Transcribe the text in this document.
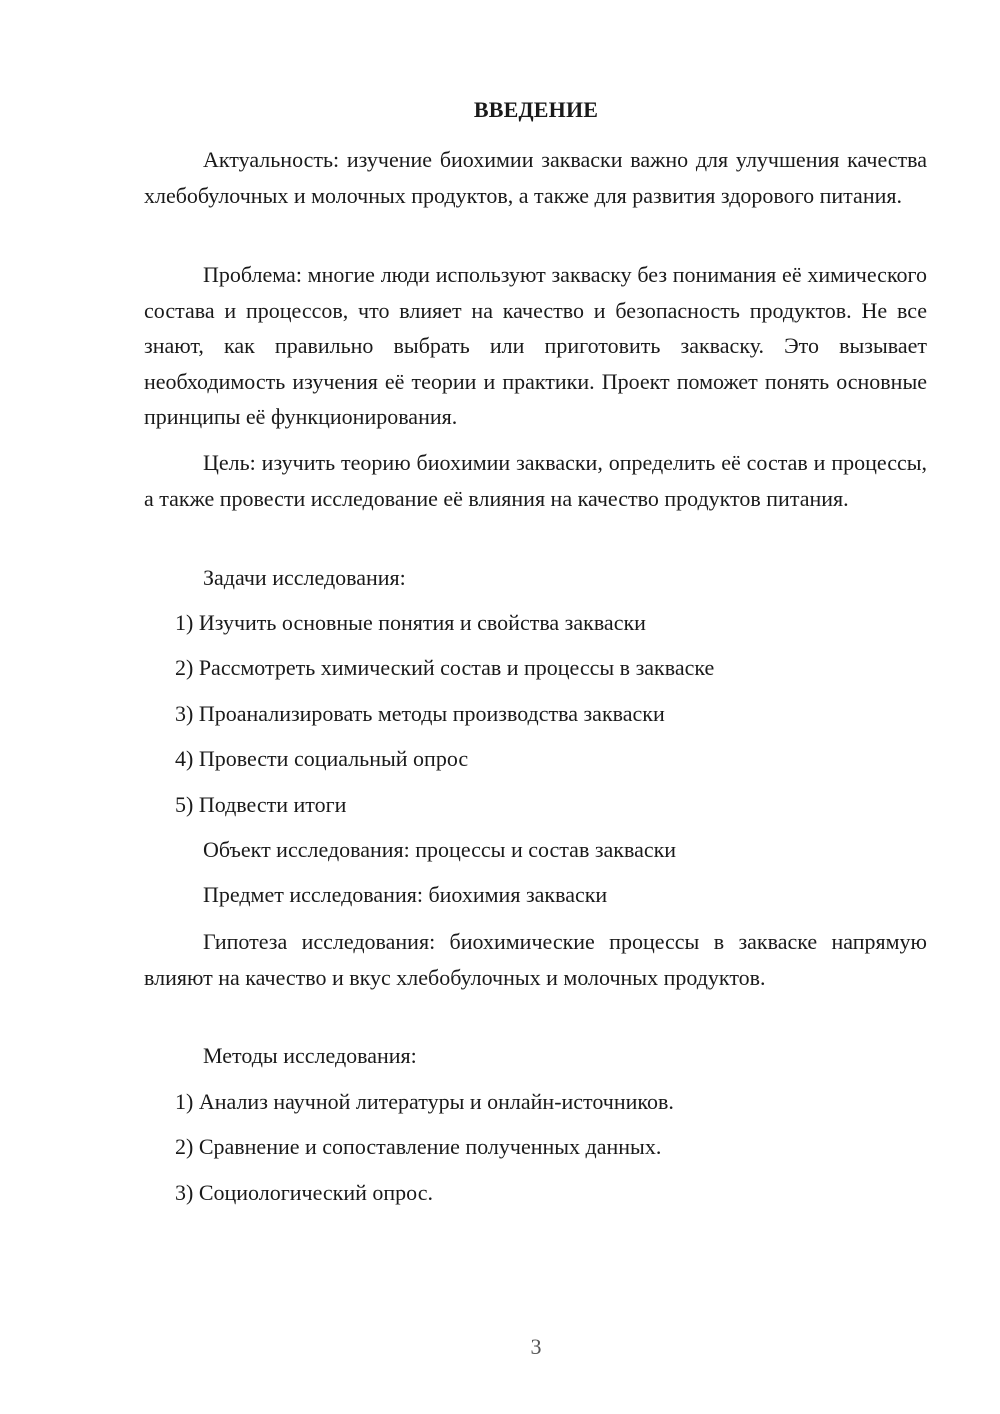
ВВЕДЕНИЕ
Актуальность: изучение биохимии закваски важно для улучшения качества хлебобулочных и молочных продуктов, а также для развития здорового питания.
Проблема: многие люди используют закваску без понимания её химического состава и процессов, что влияет на качество и безопасность продуктов. Не все знают, как правильно выбрать или приготовить закваску. Это вызывает необходимость изучения её теории и практики. Проект поможет понять основные принципы её функционирования.
Цель: изучить теорию биохимии закваски, определить её состав и процессы, а также провести исследование её влияния на качество продуктов питания.
Задачи исследования:
1) Изучить основные понятия и свойства закваски
2) Рассмотреть химический состав и процессы в закваске
3) Проанализировать методы производства закваски
4) Провести социальный опрос
5) Подвести итоги
Объект исследования: процессы и состав закваски
Предмет исследования: биохимия закваски
Гипотеза исследования: биохимические процессы в закваске напрямую влияют на качество и вкус хлебобулочных и молочных продуктов.
Методы исследования:
1) Анализ научной литературы и онлайн-источников.
2) Сравнение и сопоставление полученных данных.
3) Социологический опрос.
3
